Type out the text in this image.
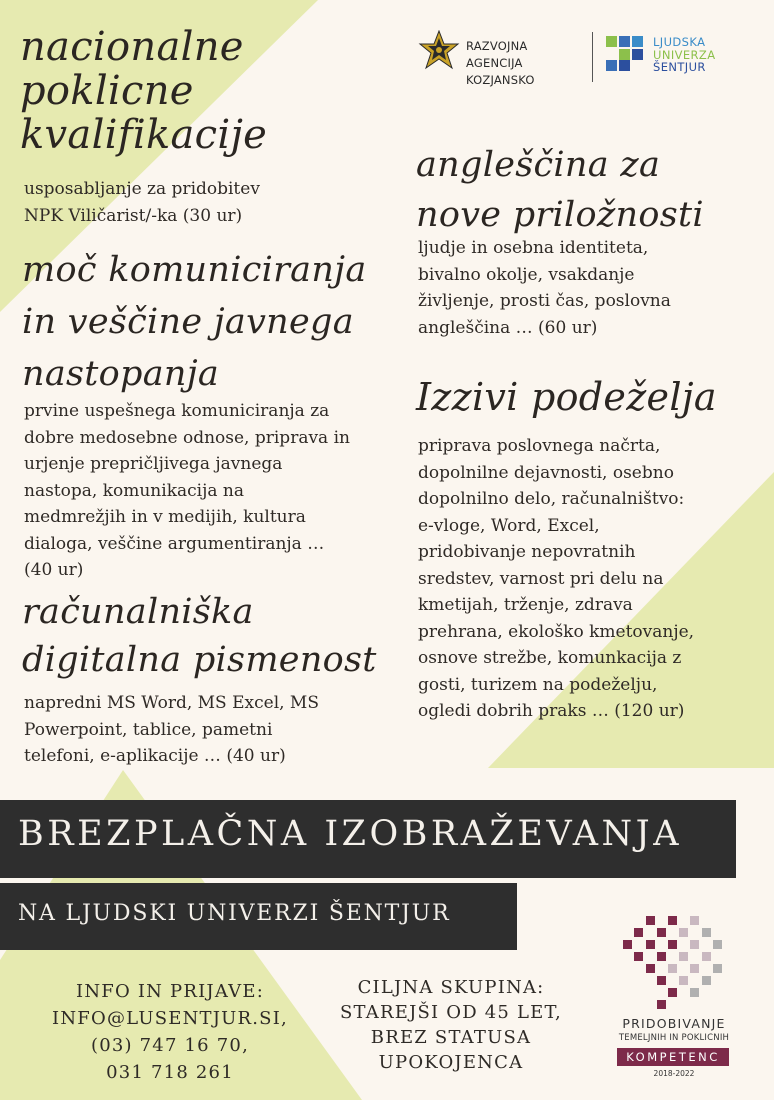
RAZVOJNA AGENCIJA
KOZJANSKO
LJUDSKA
UNIVERZA
ŠENTJUR
nacionalne
poklicne
kvalifikacije
usposabljanje za pridobitev
NPK Viličarist/-ka (30 ur)
moč komuniciranja
in veščine javnega
nastopanja
prvine uspešnega komuniciranja za
dobre medosebne odnose, priprava in
urjenje prepričljivega javnega
nastopa, komunikacija na
medmrežjih in v medijih, kultura
dialoga, veščine argumentiranja …
(40 ur)
računalniška
digitalna pismenost
napredni MS Word, MS Excel, MS
Powerpoint, tablice, pametni
telefoni, e-aplikacije … (40 ur)
angleščina za
nove priložnosti
ljudje in osebna identiteta,
bivalno okolje, vsakdanje
življenje, prosti čas, poslovna
angleščina … (60 ur)
Izzivi podeželja
priprava poslovnega načrta,
dopolnilne dejavnosti, osebno
dopolnilno delo, računalništvo:
e-vloge, Word, Excel,
pridobivanje nepovratnih
sredstev, varnost pri delu na
kmetijah, trženje, zdrava
prehrana, ekološko kmetovanje,
osnove strežbe, komunkacija z
gosti, turizem na podeželju,
ogledi dobrih praks … (120 ur)
BREZPLAČNA IZOBRAŽEVANJA
NA LJUDSKI UNIVERZI ŠENTJUR
INFO IN PRIJAVE:
INFO@LUSENTJUR.SI,
(03) 747 16 70,
031 718 261
CILJNA SKUPINA:
STAREJŠI OD 45 LET,
BREZ STATUSA
UPOKOJENCA
PRIDOBIVANJE
TEMELJNIH IN POKLICNIH
KOMPETENC
2018-2022
